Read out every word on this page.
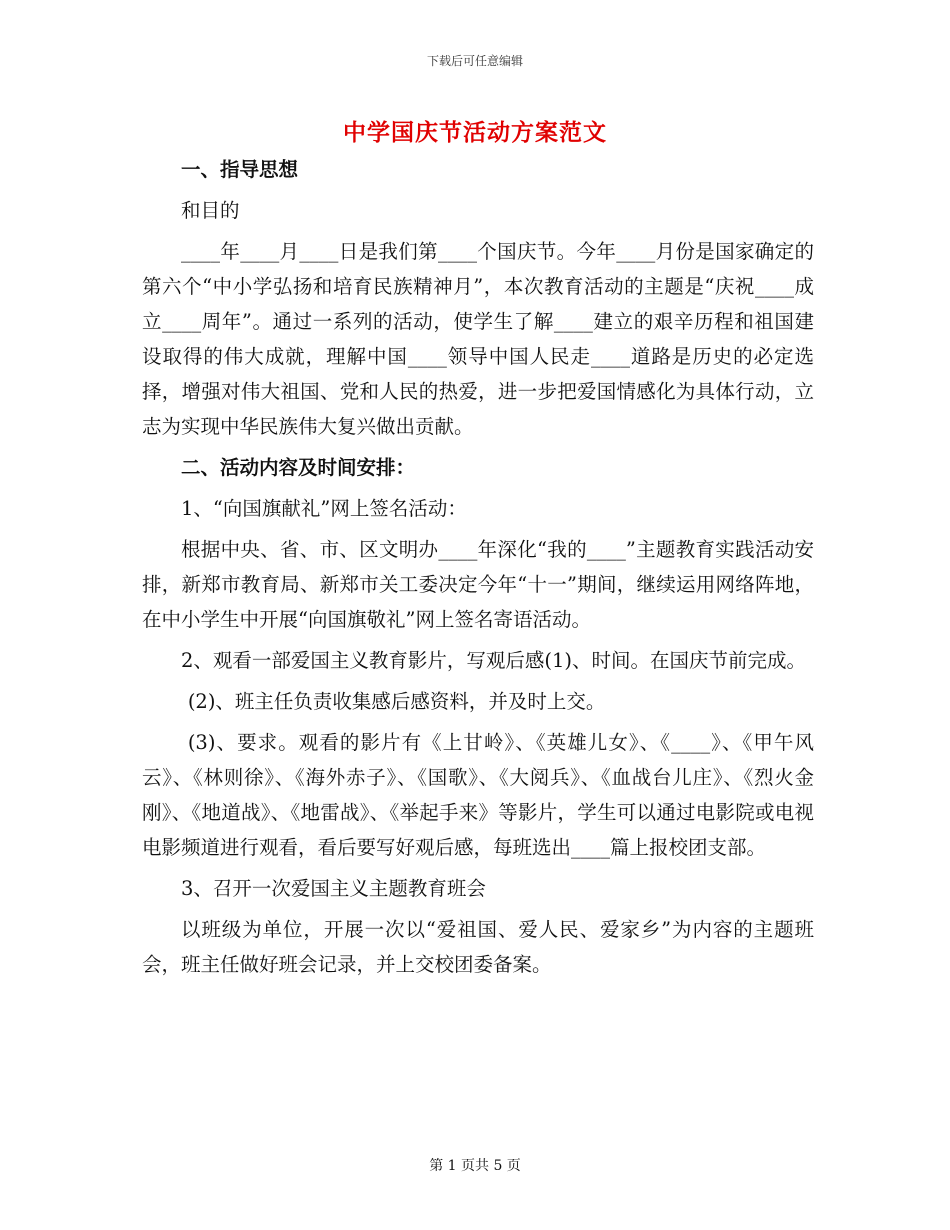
下载后可任意编辑
中学国庆节活动方案范文

一、指导思想

和目的

____年____月____日是我们第____个国庆节。今年____月份是国家确定的第六个“中小学弘扬和培育民族精神月”，本次教育活动的主题是“庆祝____成立____周年”。通过一系列的活动，使学生了解____建立的艰辛历程和祖国建设取得的伟大成就，理解中国____领导中国人民走____道路是历史的必定选择，增强对伟大祖国、党和人民的热爱，进一步把爱国情感化为具体行动，立志为实现中华民族伟大复兴做出贡献。

二、活动内容及时间安排：

1、“向国旗献礼”网上签名活动：

根据中央、省、市、区文明办____年深化“我的____”主题教育实践活动安排，新郑市教育局、新郑市关工委决定今年“十一”期间，继续运用网络阵地，在中小学生中开展“向国旗敬礼”网上签名寄语活动。

2、观看一部爱国主义教育影片，写观后感(1)、时间。在国庆节前完成。

(2)、班主任负责收集感后感资料，并及时上交。

(3)、要求。观看的影片有《上甘岭》、《英雄儿女》、《____》、《甲午风云》、《林则徐》、《海外赤子》、《国歌》、《大阅兵》、《血战台儿庄》、《烈火金刚》、《地道战》、《地雷战》、《举起手来》等影片，学生可以通过电影院或电视电影频道进行观看，看后要写好观后感，每班选出____篇上报校团支部。

3、召开一次爱国主义主题教育班会

以班级为单位，开展一次以“爱祖国、爱人民、爱家乡”为内容的主题班会，班主任做好班会记录，并上交校团委备案。

第 1 页共 5 页
